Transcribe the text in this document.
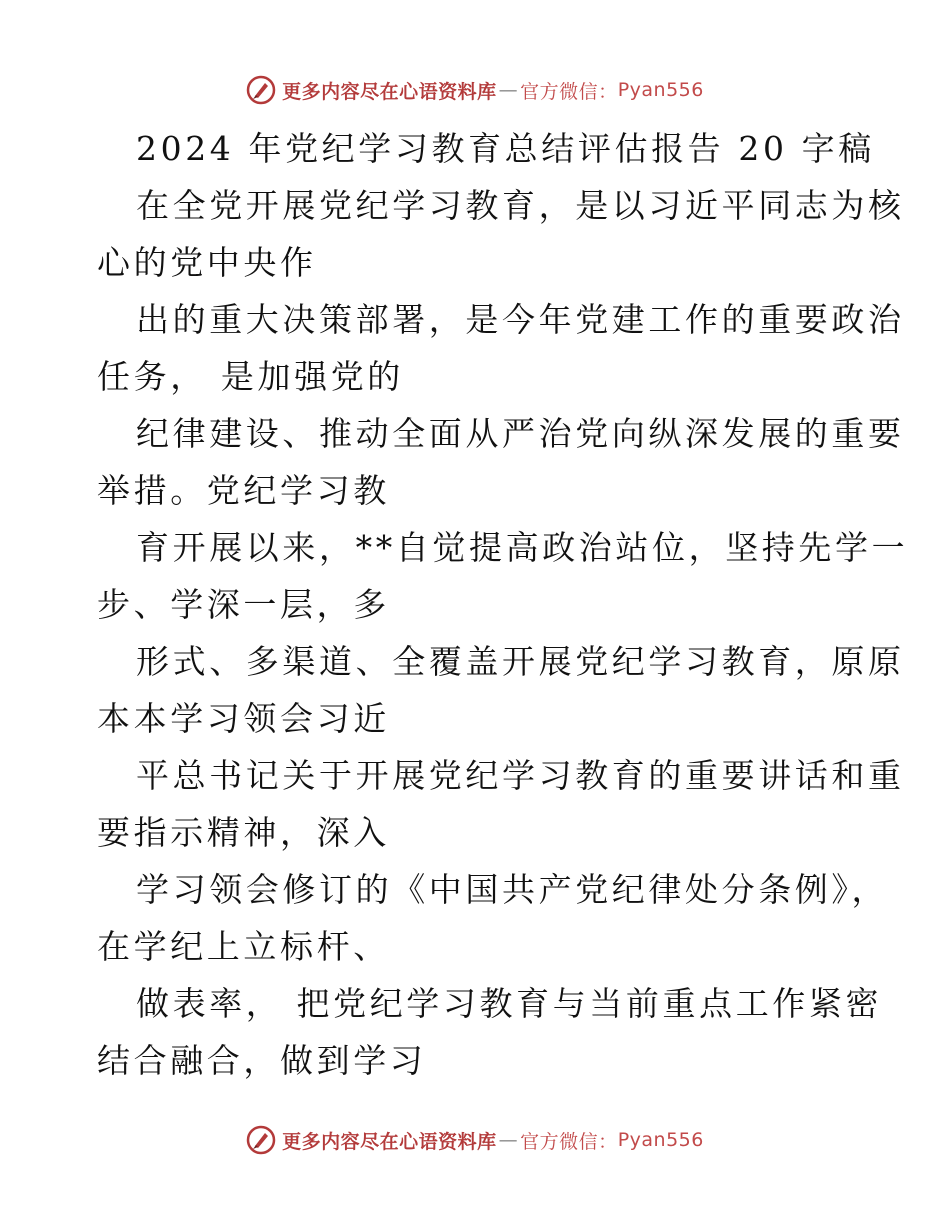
更多内容尽在心语资料库 — 官方微信： Pyan556
2024 年党纪学习教育总结评估报告 20 字稿
在全党开展党纪学习教育，是以习近平同志为核
心的党中央作
出的重大决策部署，是今年党建工作的重要政治
任务， 是加强党的
纪律建设、推动全面从严治党向纵深发展的重要
举措。党纪学习教
育开展以来，**自觉提高政治站位，坚持先学一
步、学深一层，多
形式、多渠道、全覆盖开展党纪学习教育，原原
本本学习领会习近
平总书记关于开展党纪学习教育的重要讲话和重
要指示精神，深入
学习领会修订的《中国共产党纪律处分条例》，
在学纪上立标杆、
做表率， 把党纪学习教育与当前重点工作紧密
结合融合，做到学习
更多内容尽在心语资料库 — 官方微信： Pyan556
